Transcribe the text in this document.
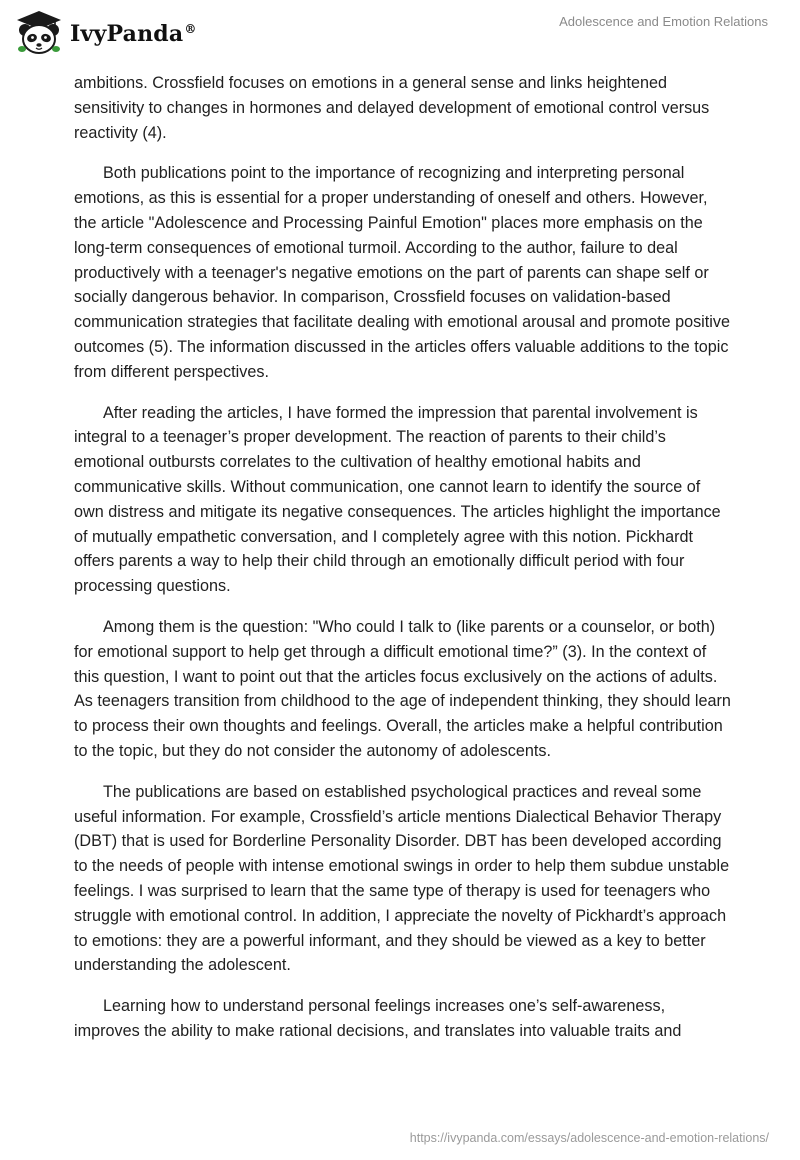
IvyPanda®	Adolescence and Emotion Relations

ambitions. Crossfield focuses on emotions in a general sense and links heightened sensitivity to changes in hormones and delayed development of emotional control versus reactivity (4).

Both publications point to the importance of recognizing and interpreting personal emotions, as this is essential for a proper understanding of oneself and others. However, the article "Adolescence and Processing Painful Emotion" places more emphasis on the long-term consequences of emotional turmoil. According to the author, failure to deal productively with a teenager's negative emotions on the part of parents can shape self or socially dangerous behavior. In comparison, Crossfield focuses on validation-based communication strategies that facilitate dealing with emotional arousal and promote positive outcomes (5). The information discussed in the articles offers valuable additions to the topic from different perspectives.

After reading the articles, I have formed the impression that parental involvement is integral to a teenager’s proper development. The reaction of parents to their child’s emotional outbursts correlates to the cultivation of healthy emotional habits and communicative skills. Without communication, one cannot learn to identify the source of own distress and mitigate its negative consequences. The articles highlight the importance of mutually empathetic conversation, and I completely agree with this notion. Pickhardt offers parents a way to help their child through an emotionally difficult period with four processing questions.

Among them is the question: "Who could I talk to (like parents or a counselor, or both) for emotional support to help get through a difficult emotional time?” (3). In the context of this question, I want to point out that the articles focus exclusively on the actions of adults. As teenagers transition from childhood to the age of independent thinking, they should learn to process their own thoughts and feelings. Overall, the articles make a helpful contribution to the topic, but they do not consider the autonomy of adolescents.

The publications are based on established psychological practices and reveal some useful information. For example, Crossfield’s article mentions Dialectical Behavior Therapy (DBT) that is used for Borderline Personality Disorder. DBT has been developed according to the needs of people with intense emotional swings in order to help them subdue unstable feelings. I was surprised to learn that the same type of therapy is used for teenagers who struggle with emotional control. In addition, I appreciate the novelty of Pickhardt’s approach to emotions: they are a powerful informant, and they should be viewed as a key to better understanding the adolescent.

Learning how to understand personal feelings increases one’s self-awareness, improves the ability to make rational decisions, and translates into valuable traits and

https://ivypanda.com/essays/adolescence-and-emotion-relations/
